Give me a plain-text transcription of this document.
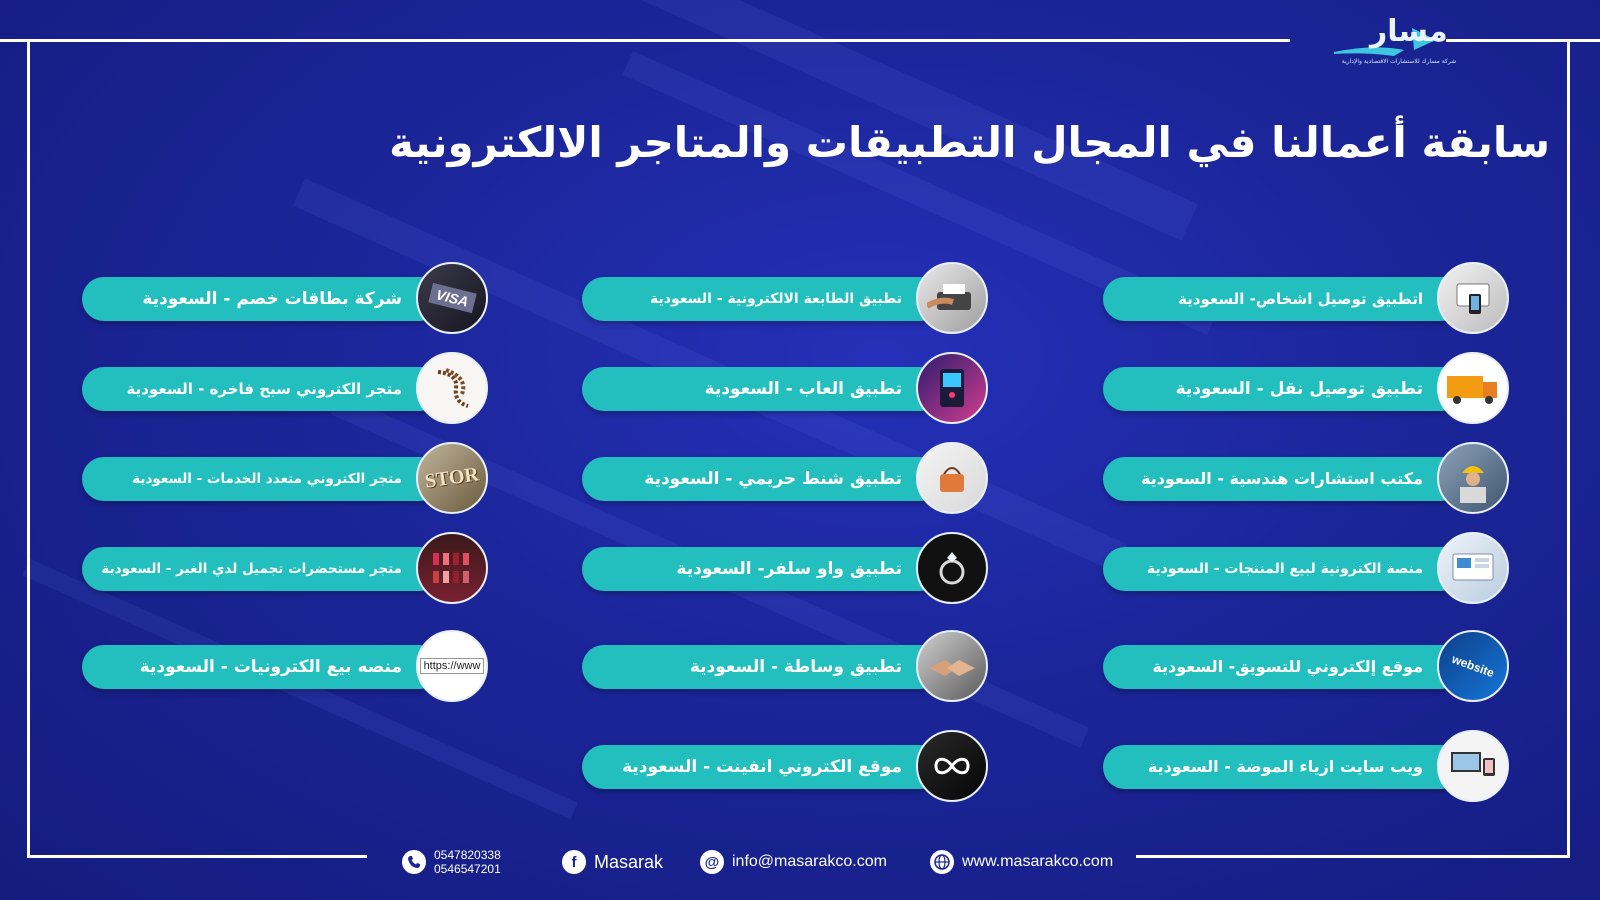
مسار
شركة مسارك للاستشارات الاقتصادية والإدارية
سابقة أعمالنا في المجال التطبيقات والمتاجر الالكترونية
اتطبيق توصيل اشخاص- السعودية
تطبيق توصيل نقل - السعودية
مكتب استشارات هندسية - السعودية
منصة الكترونية لبيع المنتجات - السعودية
موقع إلكتروني للتسويق- السعودية website
ويب سايت ازياء الموضة - السعودية
تطبيق الطابعة الالكترونية - السعودية
تطبيق العاب - السعودية
تطبيق شنط حريمي - السعودية
تطبيق واو سلفر- السعودية
تطبيق وساطة - السعودية
موقع الكتروني انفينت - السعودية
شركة بطاقات خصم - السعودية	VISA
متجر الكتروني سبح فاخره - السعودية
متجر الكتروني متعدد الخدمات - السعودية STOR
متجر مستحضرات تجميل لدي الغير - السعودية
منصه بيع الكترونيات - السعودية	https://www
0547820338
0546547201	f Masarak	@ info@masarakco.com	www.masarakco.com
